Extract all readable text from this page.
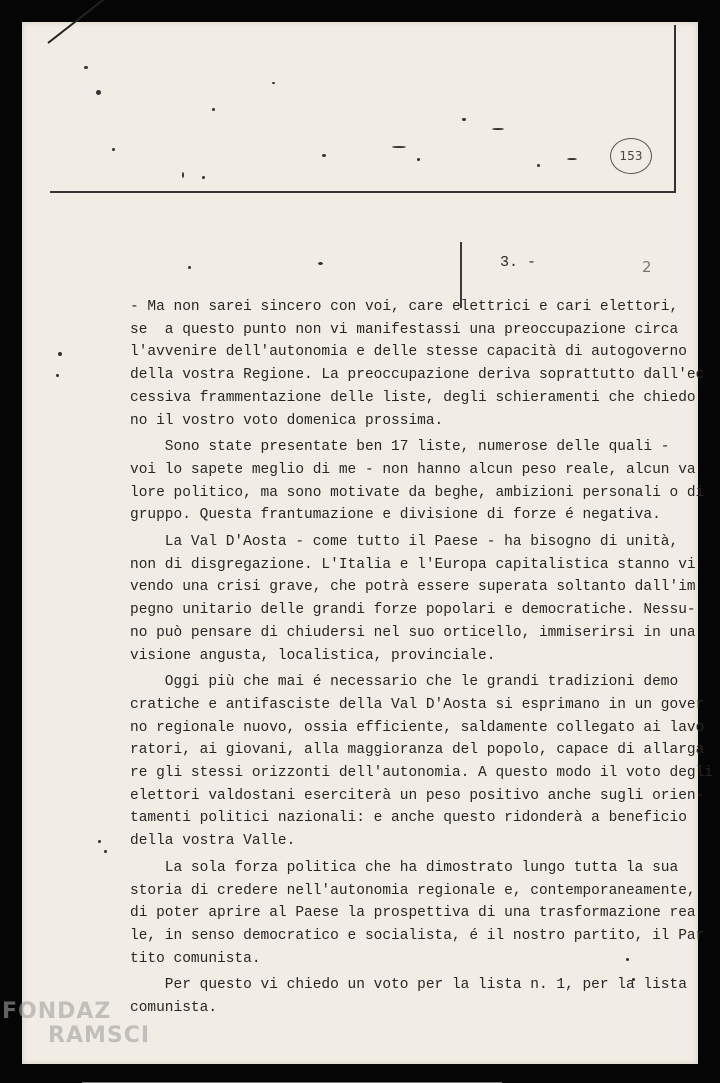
153
3. -	2

- Ma non sarei sincero con voi, care elettrici e cari elettori,
se  a questo punto non vi manifestassi una preoccupazione circa
l'avvenire dell'autonomia e delle stesse capacità di autogoverno
della vostra Regione. La preoccupazione deriva soprattutto dall'ec
cessiva frammentazione delle liste, degli schieramenti che chiedo
no il vostro voto domenica prossima.

Sono state presentate ben 17 liste, numerose delle quali -
voi lo sapete meglio di me - non hanno alcun peso reale, alcun va
lore politico, ma sono motivate da beghe, ambizioni personali o di
gruppo. Questa frantumazione e divisione di forze é negativa.

La Val D'Aosta - come tutto il Paese - ha bisogno di unità,
non di disgregazione. L'Italia e l'Europa capitalistica stanno vi
vendo una crisi grave, che potrà essere superata soltanto dall'im
pegno unitario delle grandi forze popolari e democratiche. Nessu-
no può pensare di chiudersi nel suo orticello, immiserirsi in una
visione angusta, localistica, provinciale.

Oggi più che mai é necessario che le grandi tradizioni demo
cratiche e antifasciste della Val D'Aosta si esprimano in un gover
no regionale nuovo, ossia efficiente, saldamente collegato ai lavo
ratori, ai giovani, alla maggioranza del popolo, capace di allarga
re gli stessi orizzonti dell'autonomia. A questo modo il voto degli
elettori valdostani eserciterà un peso positivo anche sugli orien-
tamenti politici nazionali: e anche questo ridonderà a beneficio
della vostra Valle.

La sola forza politica che ha dimostrato lungo tutta la sua
storia di credere nell'autonomia regionale e, contemporaneamente,
di poter aprire al Paese la prospettiva di una trasformazione rea
le, in senso democratico e socialista, é il nostro partito, il Par
tito comunista.

Per questo vi chiedo un voto per la lista n. 1, per la lista
comunista.

FONDAZ
RAMSCI
